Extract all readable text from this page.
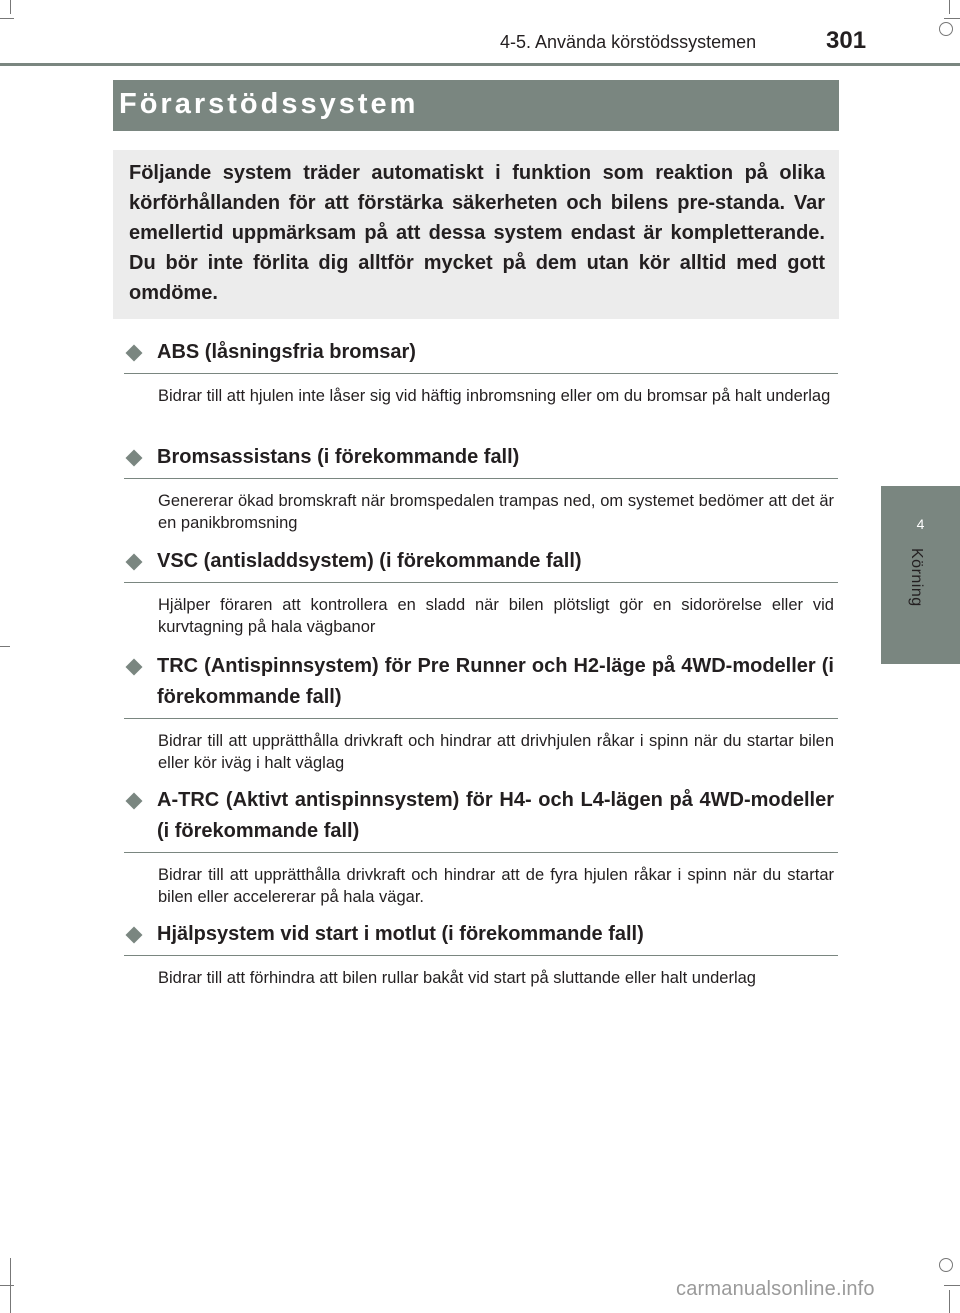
4-5. Använda körstödssystemen	301
4
Körning
Förarstödssystem

Följande system träder automatiskt i funktion som reaktion på olika körförhållanden för att förstärka säkerheten och bilens pre-standa. Var emellertid uppmärksam på att dessa system endast är kompletterande. Du bör inte förlita dig alltför mycket på dem utan kör alltid med gott omdöme.

ABS (låsningsfria bromsar)
Bidrar till att hjulen inte låser sig vid häftig inbromsning eller om du bromsar på halt underlag
Bromsassistans (i förekommande fall)
Genererar ökad bromskraft när bromspedalen trampas ned, om systemet bedömer att det är en panikbromsning
VSC (antisladdsystem) (i förekommande fall)
Hjälper föraren att kontrollera en sladd när bilen plötsligt gör en sidorörelse eller vid kurvtagning på hala vägbanor
TRC (Antispinnsystem) för Pre Runner och H2-läge på 4WD-modeller (i förekommande fall)
Bidrar till att upprätthålla drivkraft och hindrar att drivhjulen råkar i spinn när du startar bilen eller kör iväg i halt väglag
A-TRC (Aktivt antispinnsystem) för H4- och L4-lägen på 4WD-modeller (i förekommande fall)
Bidrar till att upprätthålla drivkraft och hindrar att de fyra hjulen råkar i spinn när du startar bilen eller accelererar på hala vägar.
Hjälpsystem vid start i motlut (i förekommande fall)
Bidrar till att förhindra att bilen rullar bakåt vid start på sluttande eller halt underlag
carmanualsonline.info
